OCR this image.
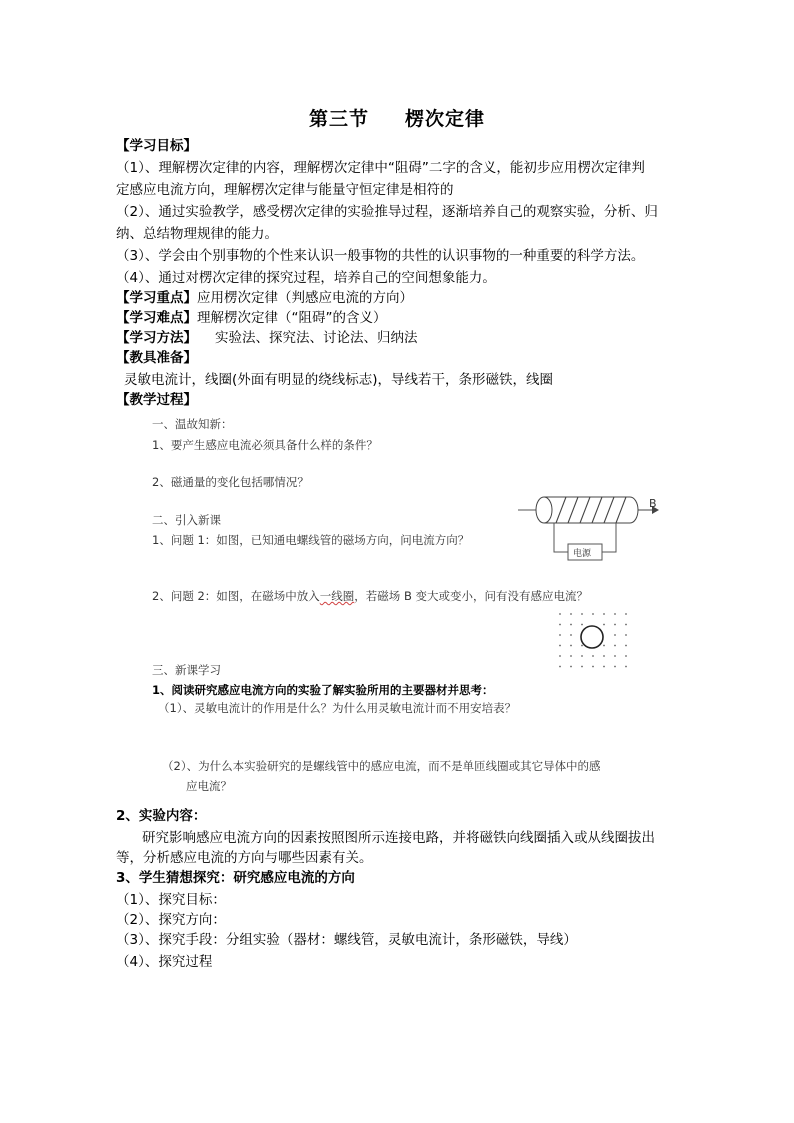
第三节 楞次定律
【学习目标】
（1）、理解楞次定律的内容，理解楞次定律中“阻碍”二字的含义，能初步应用楞次定律判
定感应电流方向，理解楞次定律与能量守恒定律是相符的
（2）、通过实验教学，感受楞次定律的实验推导过程，逐渐培养自己的观察实验，分析、归
纳、总结物理规律的能力。
（3）、学会由个别事物的个性来认识一般事物的共性的认识事物的一种重要的科学方法。
（4）、通过对楞次定律的探究过程，培养自己的空间想象能力。
【学习重点】应用楞次定律（判感应电流的方向）
【学习难点】理解楞次定律（“阻碍”的含义）
【学习方法】 实验法、探究法、讨论法、归纳法
【教具准备】
灵敏电流计，线圈(外面有明显的绕线标志)，导线若干，条形磁铁，线圈
【教学过程】
一、温故知新：
1、要产生感应电流必须具备什么样的条件？
2、磁通量的变化包括哪情况？
二、引入新课
1、问题 1：如图，已知通电螺线管的磁场方向，问电流方向？
2、问题 2：如图，在磁场中放入一线圈，若磁场 B 变大或变小，问有没有感应电流？
三、新课学习
1、阅读研究感应电流方向的实验了解实验所用的主要器材并思考：
（1）、灵敏电流计的作用是什么？为什么用灵敏电流计而不用安培表？
（2）、为什么本实验研究的是螺线管中的感应电流，而不是单匝线圈或其它导体中的感
应电流？
2、实验内容：
研究影响感应电流方向的因素按照图所示连接电路，并将磁铁向线圈插入或从线圈拔出
等，分析感应电流的方向与哪些因素有关。
3、学生猜想探究：研究感应电流的方向
（1）、探究目标：
（2）、探究方向：
（3）、探究手段：分组实验（器材：螺线管，灵敏电流计，条形磁铁，导线）
（4）、探究过程
B
电源
